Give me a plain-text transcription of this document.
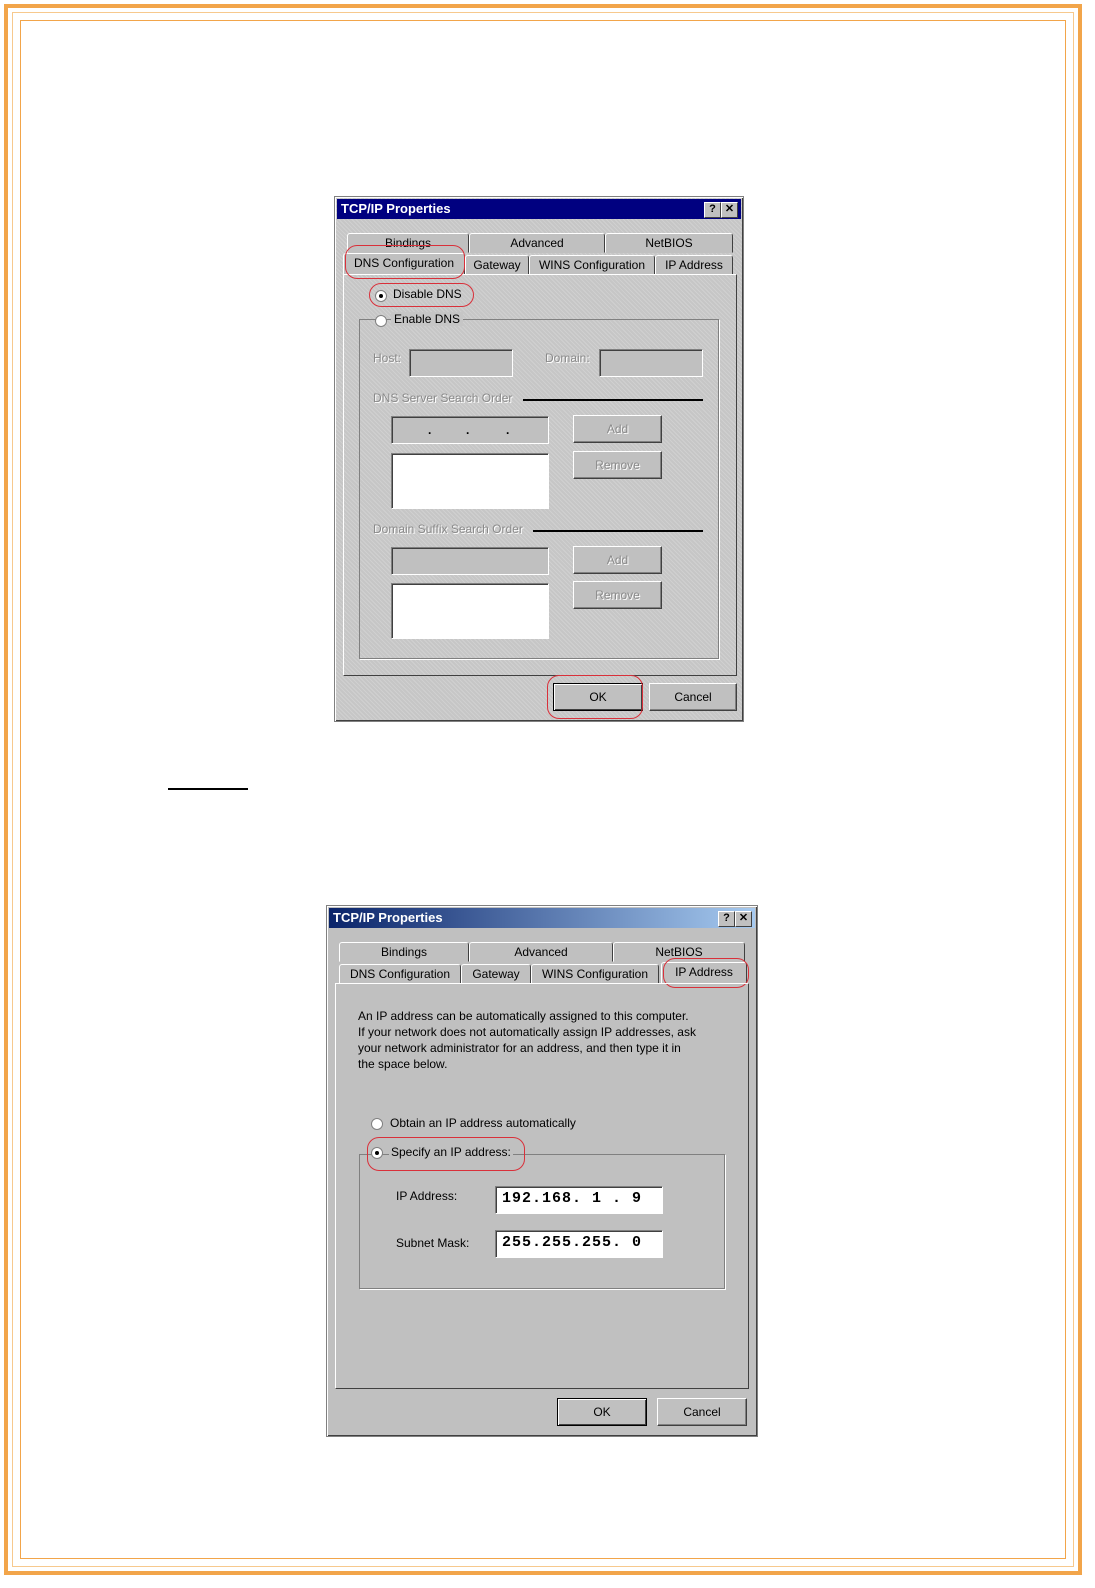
TCP/IP Properties	? ✕
Bindings	Advanced	NetBIOS
DNS Configuration	Gateway	WINS Configuration	IP Address
Disable DNS
Enable DNS
Host:	Domain:
DNS Server Search Order
.	.	.	Add
Remove
Domain Suffix Search Order
Add
Remove
OK	Cancel
TCP/IP Properties	? ✕
Bindings	Advanced	NetBIOS
DNS Configuration	Gateway	WINS Configuration	IP Address
An IP address can be automatically assigned to this computer.
If your network does not automatically assign IP addresses, ask
your network administrator for an address, and then type it in
the space below.
Obtain an IP address automatically
Specify an IP address:
IP Address:	192.168. 1 . 9
Subnet Mask:	255.255.255. 0
OK	Cancel
